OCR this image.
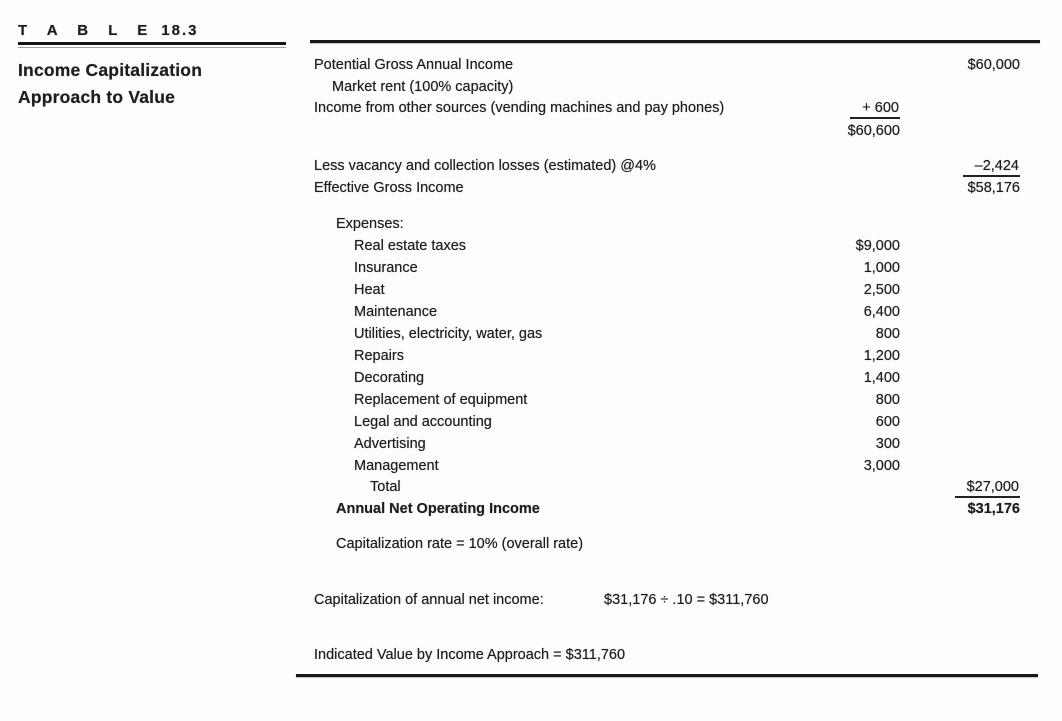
T A B L E 18.3
Income Capitalization
Approach to Value
Potential Gross Annual Income	$60,000
Market rent (100% capacity)
Income from other sources (vending machines and pay phones)	+ 600
$60,600
Less vacancy and collection losses (estimated) @4%	–2,424
Effective Gross Income	$58,176
Expenses:
Real estate taxes	$9,000
Insurance	1,000
Heat	2,500
Maintenance	6,400
Utilities, electricity, water, gas	800
Repairs	1,200
Decorating	1,400
Replacement of equipment	800
Legal and accounting	600
Advertising	300
Management	3,000
Total	$27,000
Annual Net Operating Income	$31,176
Capitalization rate = 10% (overall rate)
Capitalization of annual net income:	$31,176 ÷ .10 = $311,760
Indicated Value by Income Approach = $311,760
